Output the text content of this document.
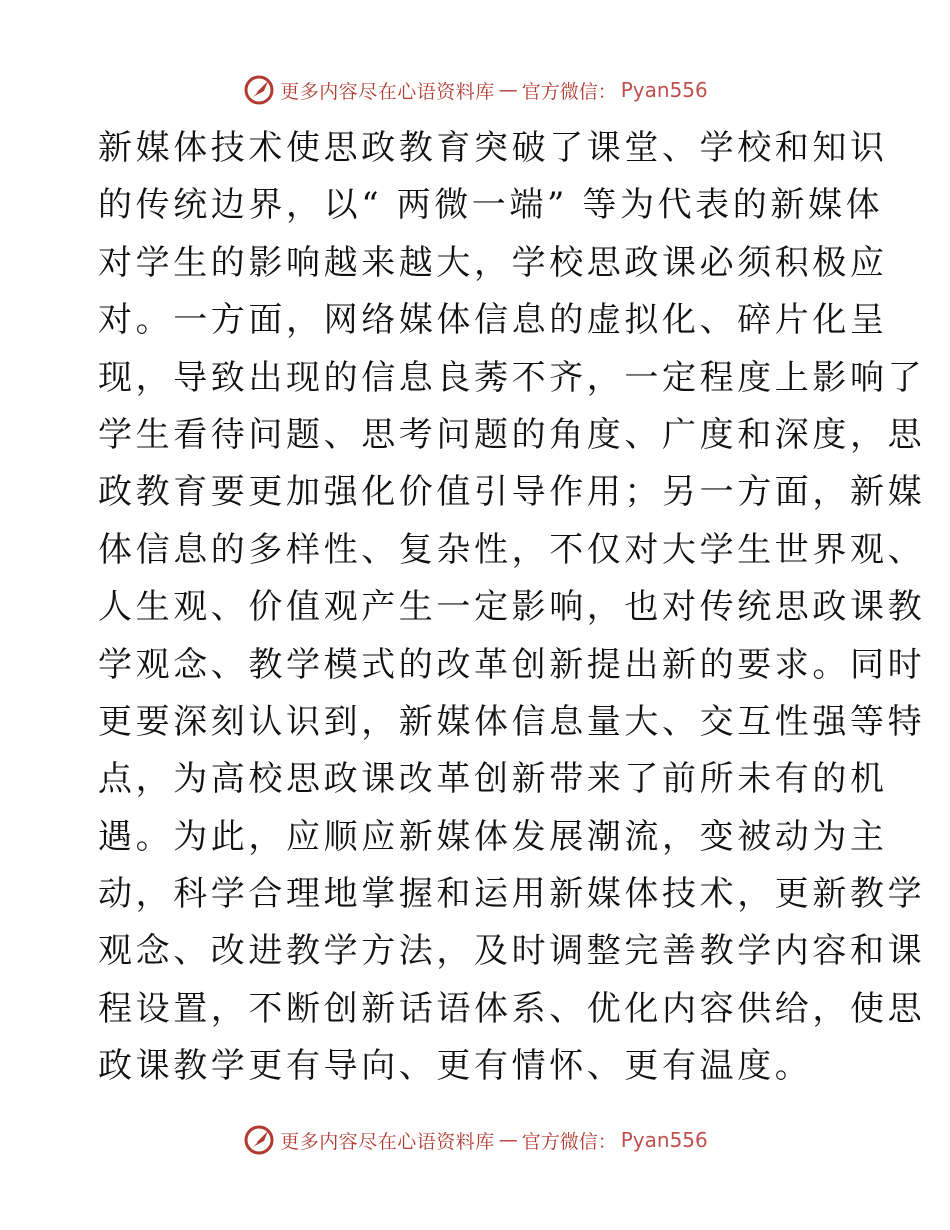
更多内容尽在心语资料库 — 官方微信： Pyan556
新媒体技术使思政教育突破了课堂、学校和知识
的传统边界，以“ 两微一端” 等为代表的新媒体
对学生的影响越来越大，学校思政课必须积极应
对。一方面，网络媒体信息的虚拟化、碎片化呈
现，导致出现的信息良莠不齐，一定程度上影响了
学生看待问题、思考问题的角度、广度和深度，思
政教育要更加强化价值引导作用；另一方面，新媒
体信息的多样性、复杂性，不仅对大学生世界观、
人生观、价值观产生一定影响，也对传统思政课教
学观念、教学模式的改革创新提出新的要求。同时
更要深刻认识到，新媒体信息量大、交互性强等特
点，为高校思政课改革创新带来了前所未有的机
遇。为此，应顺应新媒体发展潮流，变被动为主
动，科学合理地掌握和运用新媒体技术，更新教学
观念、改进教学方法，及时调整完善教学内容和课
程设置，不断创新话语体系、优化内容供给，使思
政课教学更有导向、更有情怀、更有温度。
更多内容尽在心语资料库 — 官方微信： Pyan556
